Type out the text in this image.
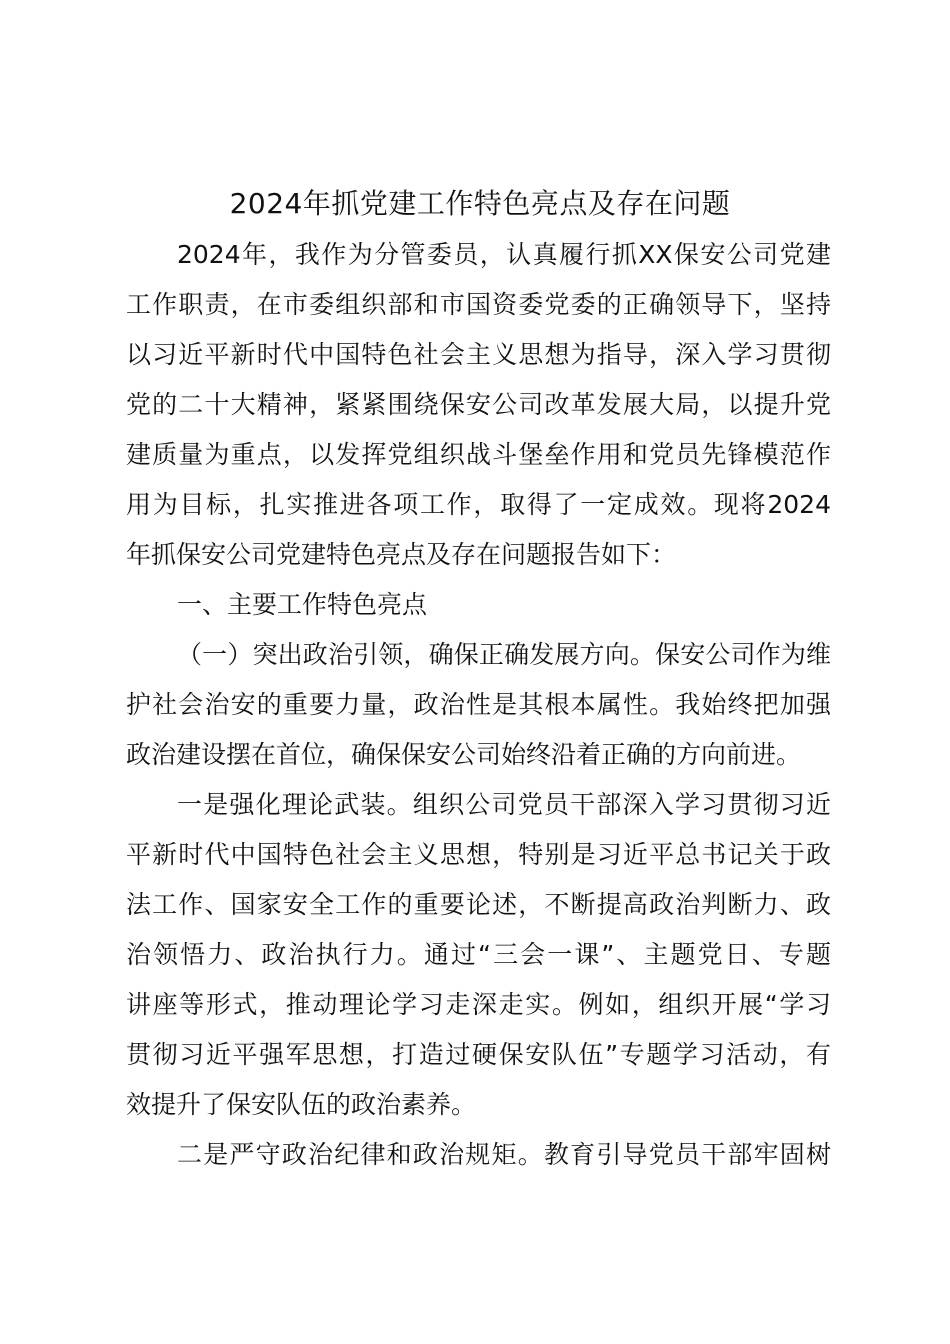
2024年抓党建工作特色亮点及存在问题
2024年，我作为分管委员，认真履行抓XX保安公司党建
工作职责，在市委组织部和市国资委党委的正确领导下，坚持
以习近平新时代中国特色社会主义思想为指导，深入学习贯彻
党的二十大精神，紧紧围绕保安公司改革发展大局，以提升党
建质量为重点，以发挥党组织战斗堡垒作用和党员先锋模范作
用为目标，扎实推进各项工作，取得了一定成效。现将2024
年抓保安公司党建特色亮点及存在问题报告如下：
一、主要工作特色亮点
（一）突出政治引领，确保正确发展方向。保安公司作为维
护社会治安的重要力量，政治性是其根本属性。我始终把加强
政治建设摆在首位，确保保安公司始终沿着正确的方向前进。
一是强化理论武装。组织公司党员干部深入学习贯彻习近
平新时代中国特色社会主义思想，特别是习近平总书记关于政
法工作、国家安全工作的重要论述，不断提高政治判断力、政
治领悟力、政治执行力。通过“三会一课”、主题党日、专题
讲座等形式，推动理论学习走深走实。例如，组织开展“学习
贯彻习近平强军思想，打造过硬保安队伍”专题学习活动，有
效提升了保安队伍的政治素养。
二是严守政治纪律和政治规矩。教育引导党员干部牢固树
